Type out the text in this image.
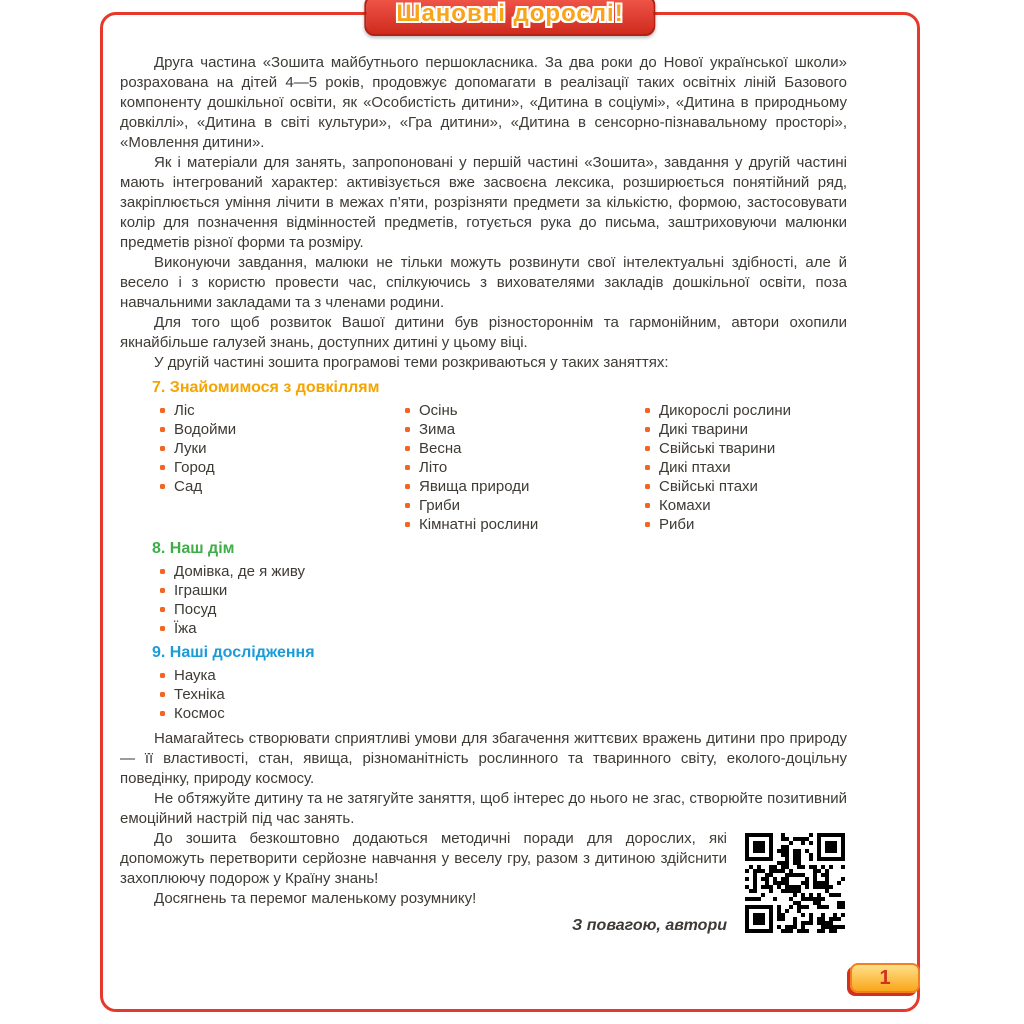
Шановні дорослі!

Друга частина «Зошита майбутнього першокласника. За два роки до Нової української школи» розрахована на дітей 4—5 років, продовжує допомагати в реалізації таких освітніх ліній Базового компоненту дошкільної освіти, як «Особистість дитини», «Дитина в соціумі», «Дитина в природньому довкіллі», «Дитина в світі культури», «Гра дитини», «Дитина в сенсорно-пізнавальному просторі», «Мовлення дитини».

Як і матеріали для занять, запропоновані у першій частині «Зошита», завдання у другій частині мають інтегрований характер: активізується вже засвоєна лексика, розширюється понятійний ряд, закріплюється уміння лічити в межах п’яти, розрізняти предмети за кількістю, формою, застосовувати колір для позначення відмінностей предметів, готується рука до письма, заштриховуючи малюнки предметів різної форми та розміру.

Виконуючи завдання, малюки не тільки можуть розвинути свої інтелектуальні здібності, але й весело і з користю провести час, спілкуючись з вихователями закладів дошкільної освіти, поза навчальними закладами та з членами родини.

Для того щоб розвиток Вашої дитини був різностороннім та гармонійним, автори охопили якнайбільше галузей знань, доступних дитині у цьому віці.

У другій частині зошита програмові теми розкриваються у таких заняттях:

7. Знайомимося з довкіллям
Ліс
Водойми
Луки
Город
Сад
Осінь
Зима
Весна
Літо
Явища природи
Гриби
Кімнатні рослини
Дикорослі рослини
Дикі тварини
Свійські тварини
Дикі птахи
Свійські птахи
Комахи
Риби
8. Наш дім
Домівка, де я живу
Іграшки
Посуд
Їжа
9. Наші дослідження
Наука
Техніка
Космос

Намагайтесь створювати сприятливі умови для збагачення життєвих вражень дитини про природу — її властивості, стан, явища, різноманітність рослинного та тваринного світу, еколого-доцільну поведінку, природу космосу.

Не обтяжуйте дитину та не затягуйте заняття, щоб інтерес до нього не згас, створюйте позитивний емоційний настрій під час занять.

До зошита безкоштовно додаються методичні поради для дорослих, які допоможуть перетворити серйозне навчання у веселу гру, разом з дитиною здійснити захоплюючу подорож у Країну знань!

Досягнень та перемог маленькому розумнику!

З повагою, автори

1
